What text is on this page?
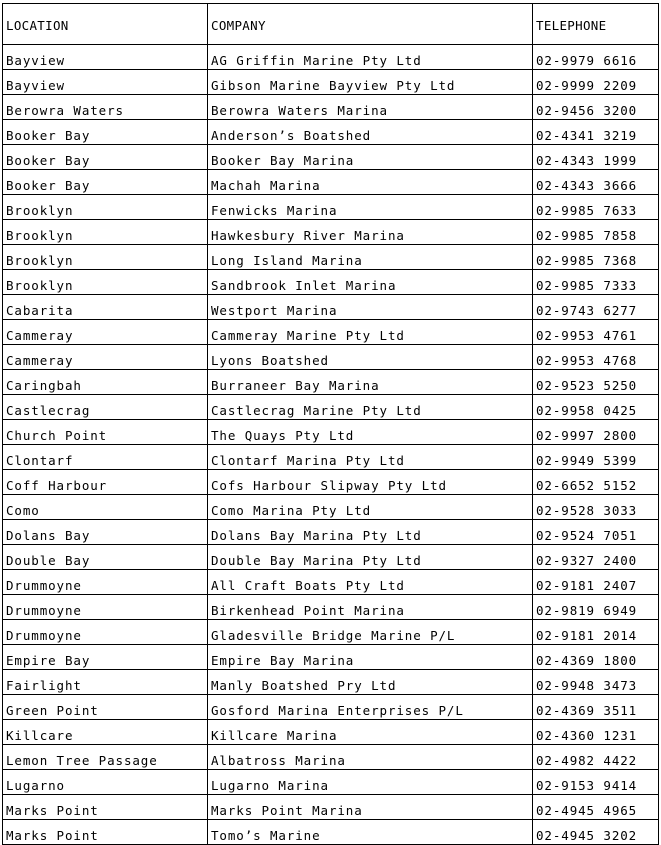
LOCATION	COMPANY	TELEPHONE
Bayview	AG Griffin Marine Pty Ltd	02-9979 6616
Bayview	Gibson Marine Bayview Pty Ltd	02-9999 2209
Berowra Waters	Berowra Waters Marina	02-9456 3200
Booker Bay	Anderson’s Boatshed	02-4341 3219
Booker Bay	Booker Bay Marina	02-4343 1999
Booker Bay	Machah Marina	02-4343 3666
Brooklyn	Fenwicks Marina	02-9985 7633
Brooklyn	Hawkesbury River Marina	02-9985 7858
Brooklyn	Long Island Marina	02-9985 7368
Brooklyn	Sandbrook Inlet Marina	02-9985 7333
Cabarita	Westport Marina	02-9743 6277
Cammeray	Cammeray Marine Pty Ltd	02-9953 4761
Cammeray	Lyons Boatshed	02-9953 4768
Caringbah	Burraneer Bay Marina	02-9523 5250
Castlecrag	Castlecrag Marine Pty Ltd	02-9958 0425
Church Point	The Quays Pty Ltd	02-9997 2800
Clontarf	Clontarf Marina Pty Ltd	02-9949 5399
Coff Harbour	Cofs Harbour Slipway Pty Ltd	02-6652 5152
Como	Como Marina Pty Ltd	02-9528 3033
Dolans Bay	Dolans Bay Marina Pty Ltd	02-9524 7051
Double Bay	Double Bay Marina Pty Ltd	02-9327 2400
Drummoyne	All Craft Boats Pty Ltd	02-9181 2407
Drummoyne	Birkenhead Point Marina	02-9819 6949
Drummoyne	Gladesville Bridge Marine P/L	02-9181 2014
Empire Bay	Empire Bay Marina	02-4369 1800
Fairlight	Manly Boatshed Pry Ltd	02-9948 3473
Green Point	Gosford Marina Enterprises P/L	02-4369 3511
Killcare	Killcare Marina	02-4360 1231
Lemon Tree Passage	Albatross Marina	02-4982 4422
Lugarno	Lugarno Marina	02-9153 9414
Marks Point	Marks Point Marina	02-4945 4965
Marks Point	Tomo’s Marine	02-4945 3202
